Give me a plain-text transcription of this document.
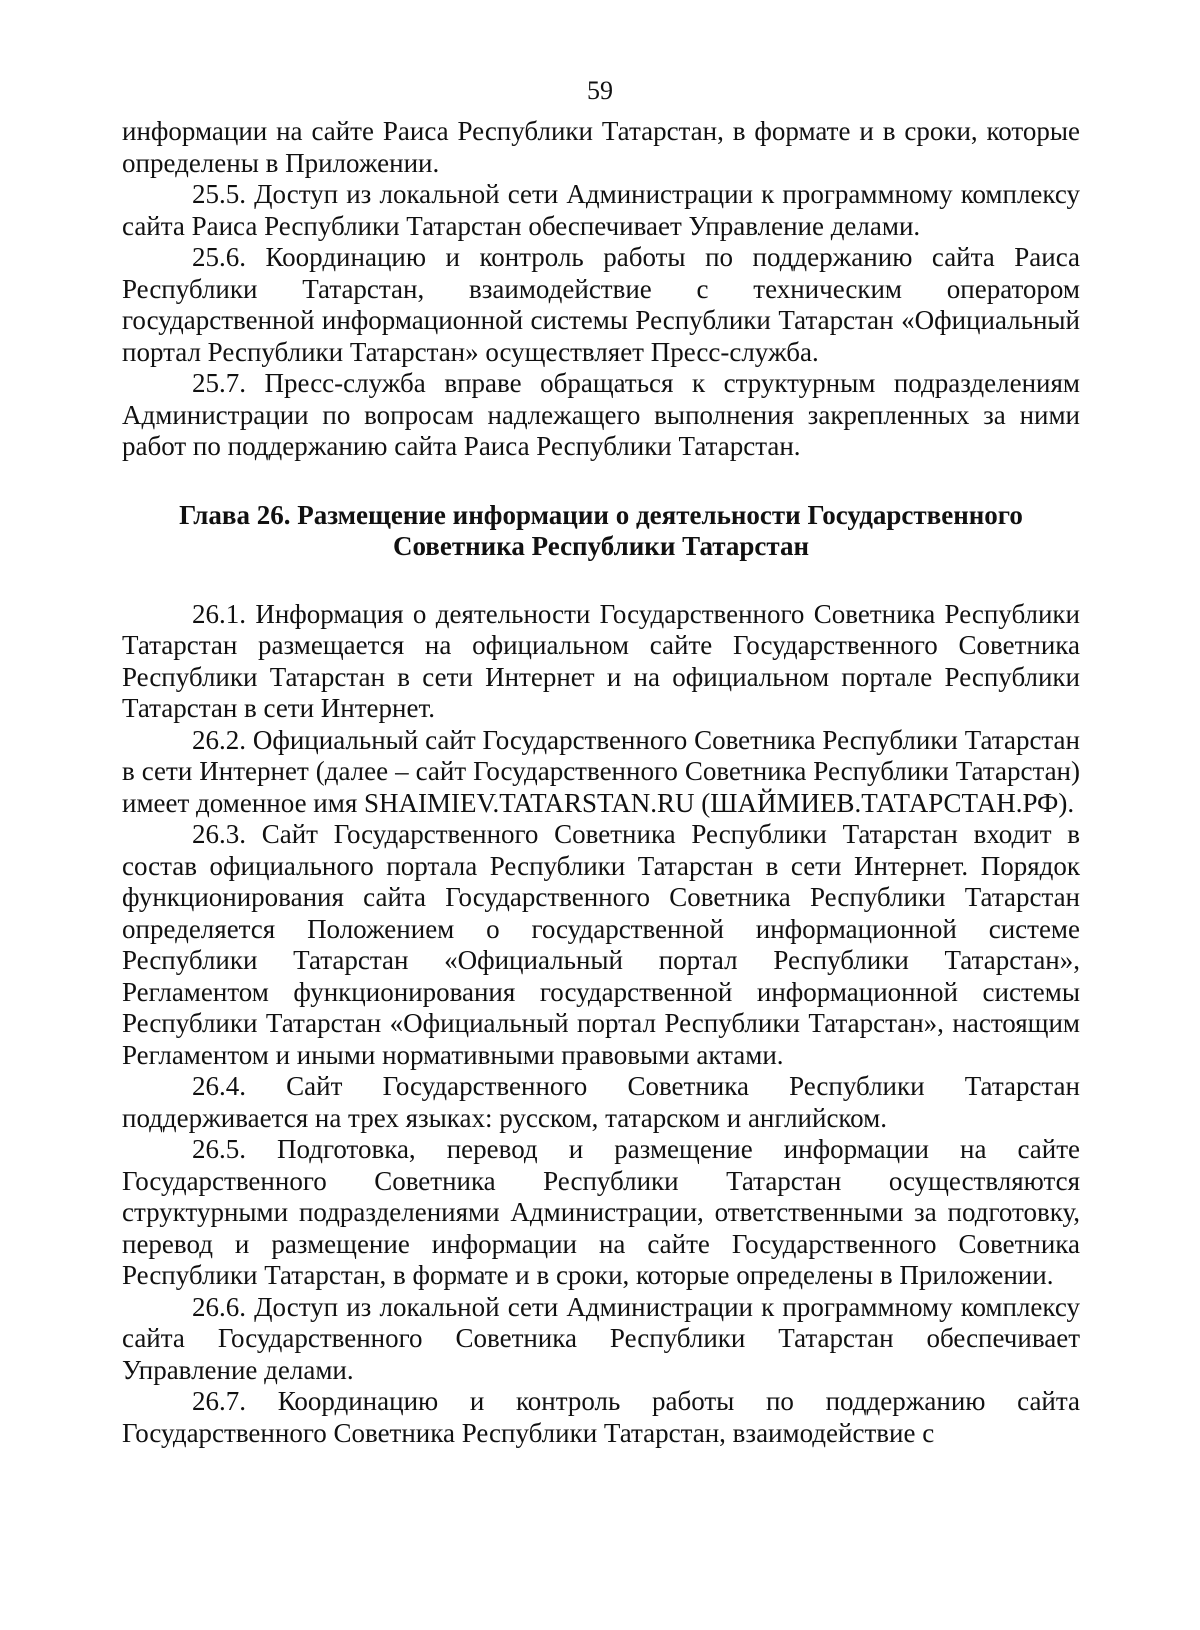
59

информации на сайте Раиса Республики Татарстан, в формате и в сроки, которые определены в Приложении.

25.5. Доступ из локальной сети Администрации к программному комплексу сайта Раиса Республики Татарстан обеспечивает Управление делами.

25.6. Координацию и контроль работы по поддержанию сайта Раиса Республики Татарстан, взаимодействие с техническим оператором государственной информационной системы Республики Татарстан «Официальный портал Республики Татарстан» осуществляет Пресс-служба.

25.7. Пресс-служба вправе обращаться к структурным подразделениям Администрации по вопросам надлежащего выполнения закрепленных за ними работ по поддержанию сайта Раиса Республики Татарстан.

Глава 26. Размещение информации о деятельности Государственного
Советника Республики Татарстан

26.1. Информация о деятельности Государственного Советника Республики Татарстан размещается на официальном сайте Государственного Советника Республики Татарстан в сети Интернет и на официальном портале Республики Татарстан в сети Интернет.

26.2. Официальный сайт Государственного Советника Республики Татарстан в сети Интернет (далее – сайт Государственного Советника Республики Татарстан) имеет доменное имя SHAIMIEV.TATARSTAN.RU (ШАЙМИЕВ.ТАТАРСТАН.РФ).

26.3. Сайт Государственного Советника Республики Татарстан входит в состав официального портала Республики Татарстан в сети Интернет. Порядок функционирования сайта Государственного Советника Республики Татарстан определяется Положением о государственной информационной системе Республики Татарстан «Официальный портал Республики Татарстан», Регламентом функционирования государственной информационной системы Республики Татарстан «Официальный портал Республики Татарстан», настоящим Регламентом и иными нормативными правовыми актами.

26.4. Сайт Государственного Советника Республики Татарстан поддерживается на трех языках: русском, татарском и английском.

26.5. Подготовка, перевод и размещение информации на сайте Государственного Советника Республики Татарстан осуществляются структурными подразделениями Администрации, ответственными за подготовку, перевод и размещение информации на сайте Государственного Советника Республики Татарстан, в формате и в сроки, которые определены в Приложении.

26.6. Доступ из локальной сети Администрации к программному комплексу сайта Государственного Советника Республики Татарстан обеспечивает Управление делами.

26.7. Координацию и контроль работы по поддержанию сайта Государственного Советника Республики Татарстан, взаимодействие с
